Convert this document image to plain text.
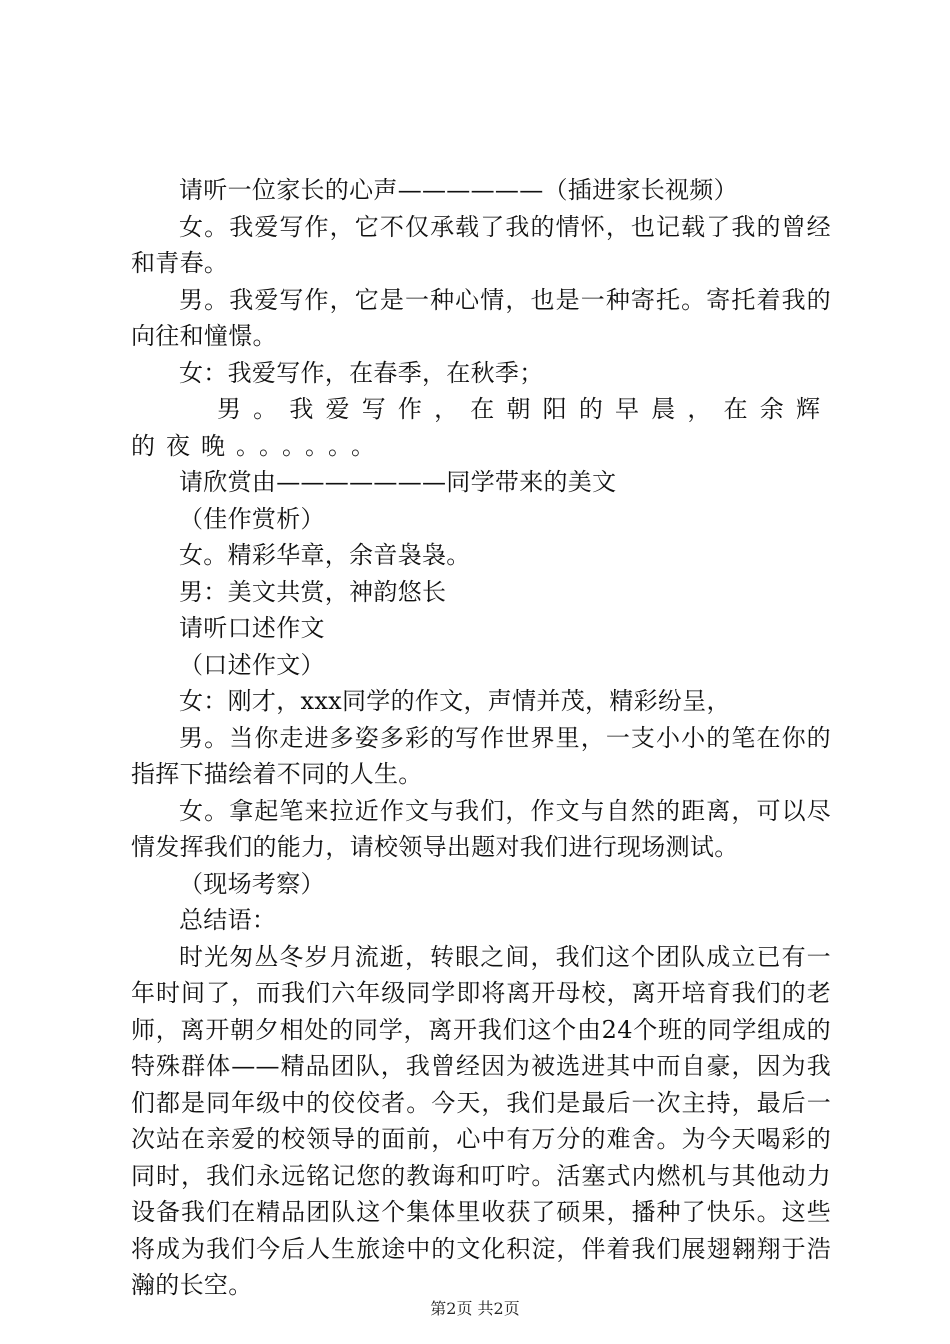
请听一位家长的心声——————（插进家长视频）

女。我爱写作，它不仅承载了我的情怀，也记载了我的曾经和青春。

男。我爱写作，它是一种心情，也是一种寄托。寄托着我的向往和憧憬。

女：我爱写作，在春季，在秋季；

男。我爱写作，在朝阳的早晨，在余辉的夜晚。。。。。。

请欣赏由———————同学带来的美文

（佳作赏析）

女。精彩华章，余音袅袅。

男：美文共赏，神韵悠长

请听口述作文

（口述作文）

女：刚才，xxx同学的作文，声情并茂，精彩纷呈，

男。当你走进多姿多彩的写作世界里，一支小小的笔在你的指挥下描绘着不同的人生。

女。拿起笔来拉近作文与我们，作文与自然的距离，可以尽情发挥我们的能力，请校领导出题对我们进行现场测试。

（现场考察）

总结语：

时光匆丛冬岁月流逝，转眼之间，我们这个团队成立已有一年时间了，而我们六年级同学即将离开母校，离开培育我们的老师，离开朝夕相处的同学，离开我们这个由24个班的同学组成的特殊群体——精品团队，我曾经因为被选进其中而自豪，因为我们都是同年级中的佼佼者。今天，我们是最后一次主持，最后一次站在亲爱的校领导的面前，心中有万分的难舍。为今天喝彩的同时，我们永远铭记您的教诲和叮咛。活塞式内燃机与其他动力设备我们在精品团队这个集体里收获了硕果，播种了快乐。这些将成为我们今后人生旅途中的文化积淀，伴着我们展翅翱翔于浩瀚的长空。

第2页 共2页
